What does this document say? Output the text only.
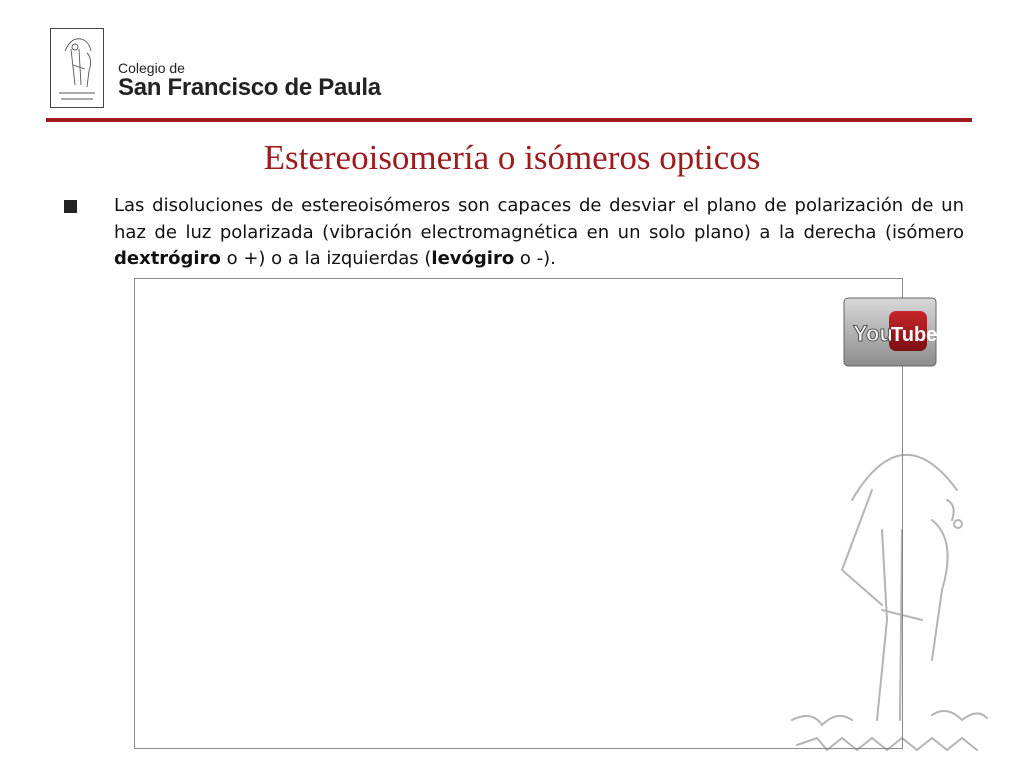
Colegio de
San Francisco de Paula
Estereoisomería o isómeros opticos
Las disoluciones de estereoisómeros son capaces de desviar el plano de polarización de un haz de luz polarizada (vibración electromagnética en un solo plano) a la derecha (isómero dextrógiro o +) o a la izquierdas (levógiro o -).
You
Tube
